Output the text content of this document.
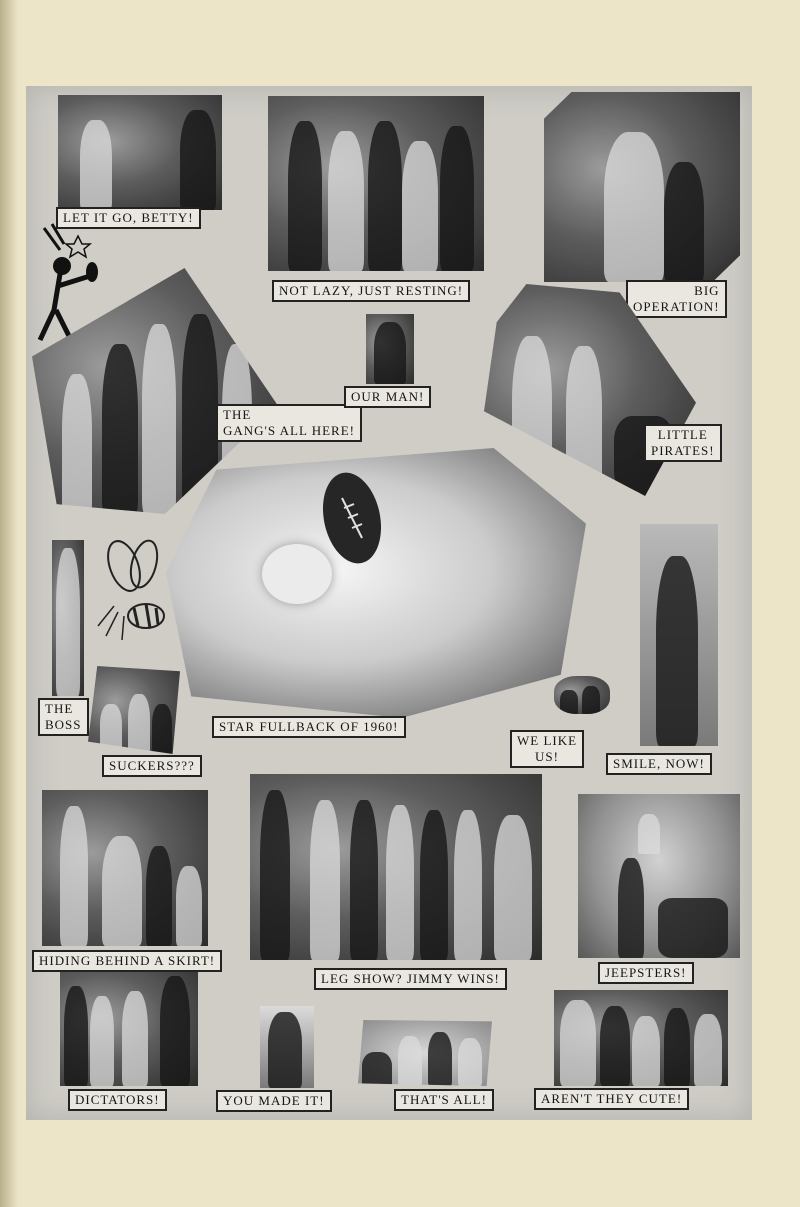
LET IT GO, BETTY!
NOT LAZY, JUST RESTING!	BIG
OPERATION!
THE
GANG'S ALL HERE!
OUR MAN!
LITTLE
PIRATES!
STAR FULLBACK OF 1960!
THE
BOSS
SUCKERS???	SMILE, NOW!
WE LIKE
US!
HIDING BEHIND A SKIRT!
LEG SHOW? JIMMY WINS!	JEEPSTERS!
DICTATORS!	YOU MADE IT!	THAT'S ALL!	AREN'T THEY CUTE!
